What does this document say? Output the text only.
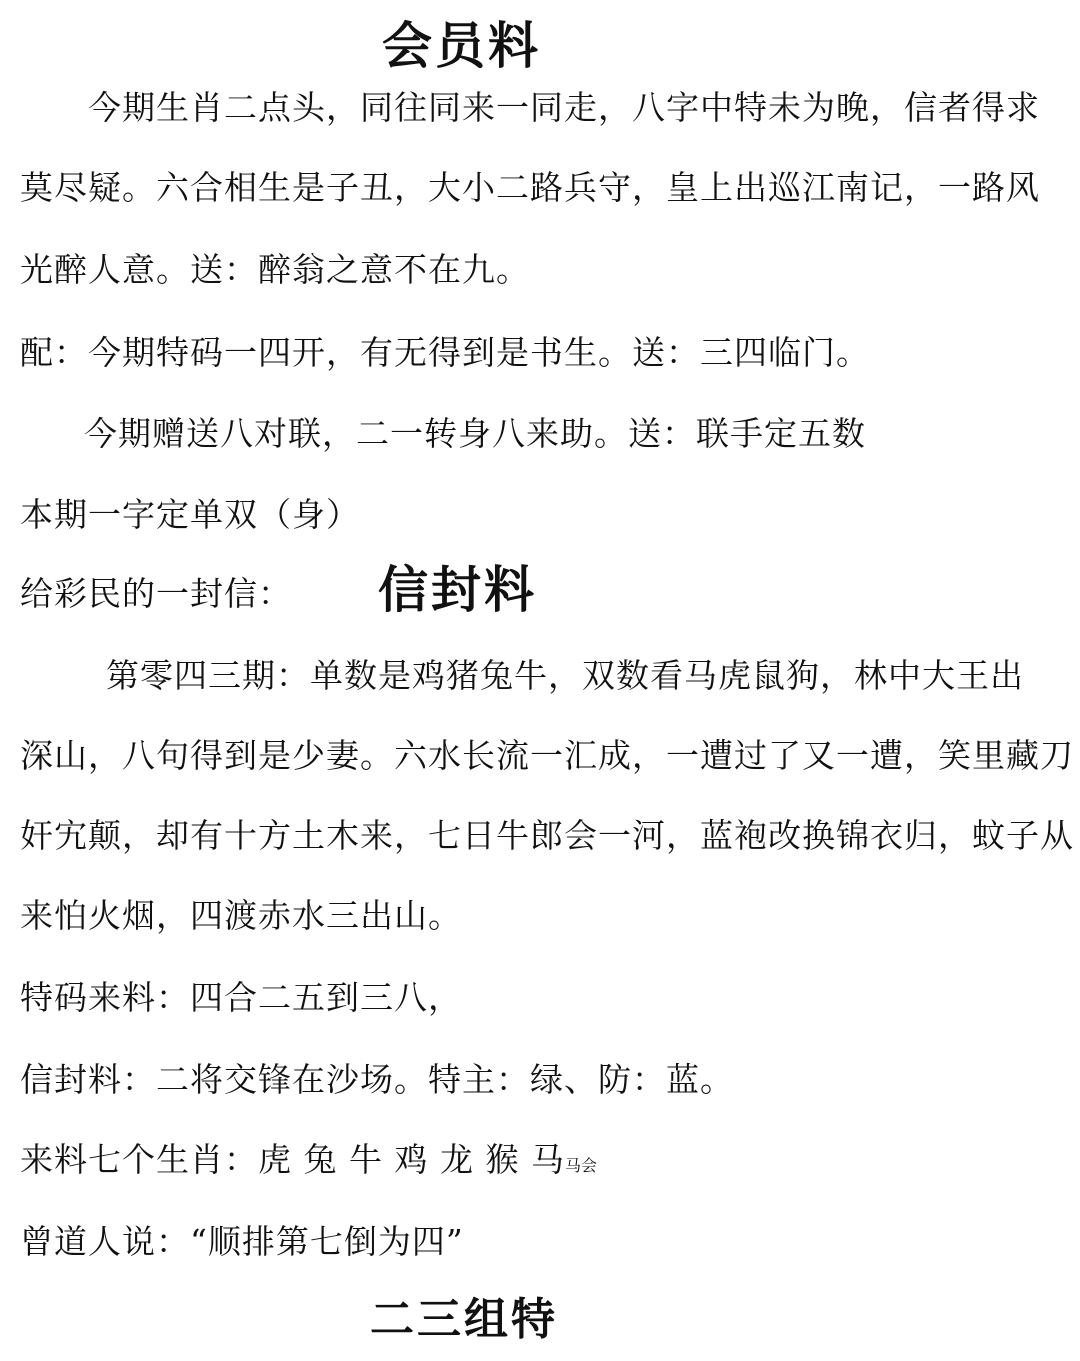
会员料
今期生肖二点头，同往同来一同走，八字中特未为晚，信者得求
莫尽疑。六合相生是子丑，大小二路兵守，皇上出巡江南记，一路风
光醉人意。送：醉翁之意不在九。
配：今期特码一四开，有无得到是书生。送：三四临门。
今期赠送八对联，二一转身八来助。送：联手定五数
本期一字定单双（身）
给彩民的一封信： 信封料
第零四三期：单数是鸡猪兔牛，双数看马虎鼠狗，林中大王出
深山，八句得到是少妻。六水长流一汇成，一遭过了又一遭，笑里藏刀
奸宄颠，却有十方土木来，七日牛郎会一河，蓝袍改换锦衣归，蚊子从
来怕火烟，四渡赤水三出山。
特码来料：四合二五到三八，
信封料：二将交锋在沙场。特主：绿、防：蓝。
来料七个生肖：虎 兔 牛 鸡 龙 猴 马马会
曾道人说：“顺排第七倒为四”
二三组特
